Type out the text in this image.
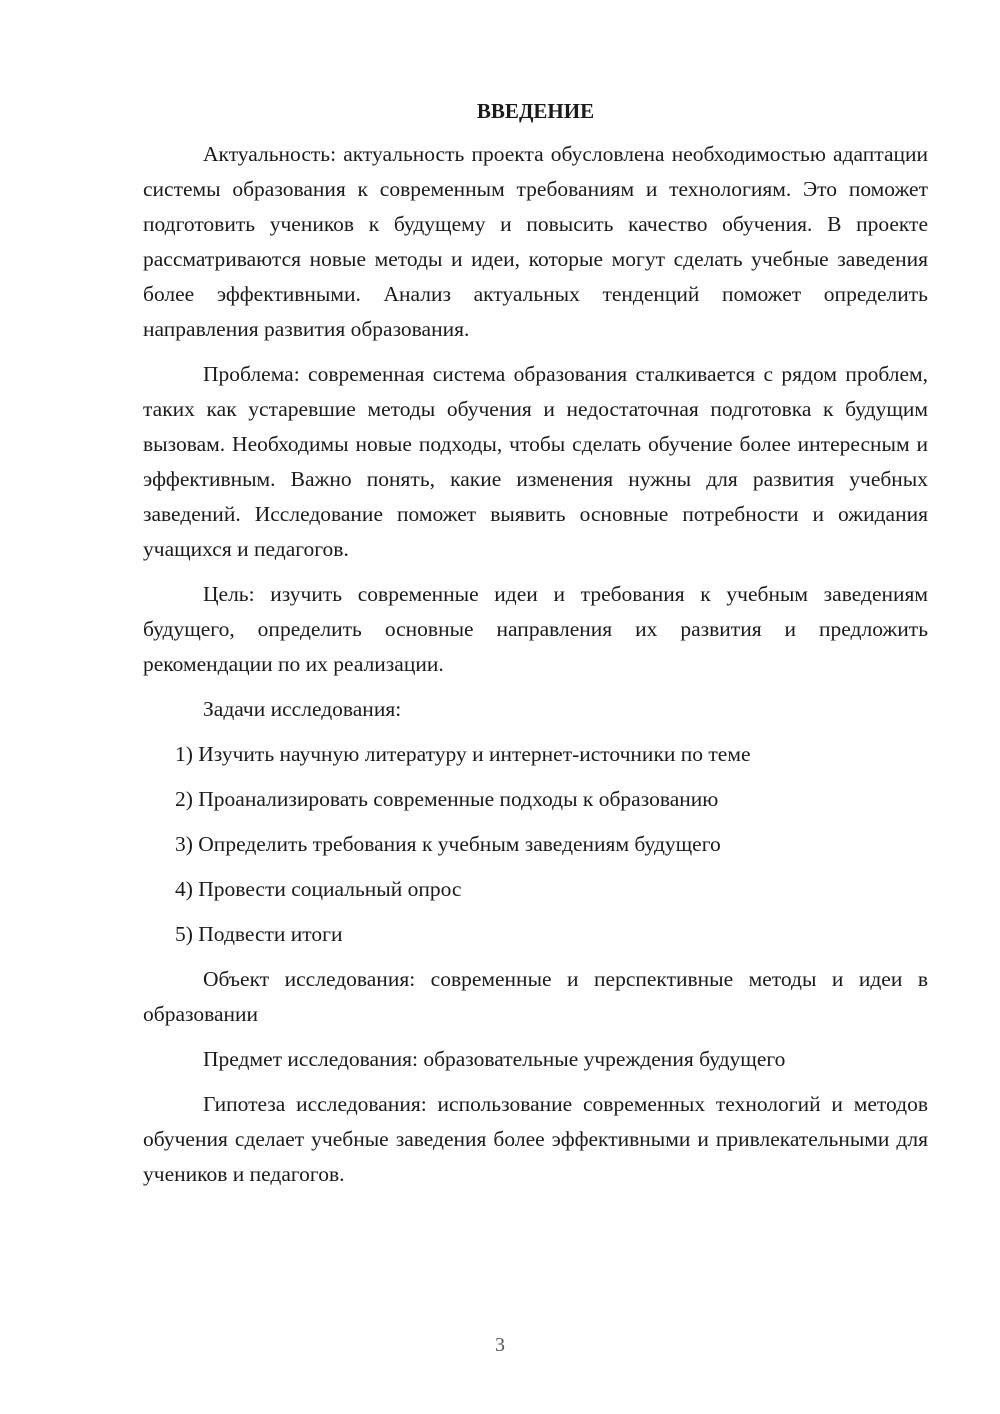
ВВЕДЕНИЕ

Актуальность: актуальность проекта обусловлена необходимостью адаптации системы образования к современным требованиям и технологиям. Это поможет подготовить учеников к будущему и повысить качество обучения. В проекте рассматриваются новые методы и идеи, которые могут сделать учебные заведения более эффективными. Анализ актуальных тенденций поможет определить направления развития образования.

Проблема: современная система образования сталкивается с рядом проблем, таких как устаревшие методы обучения и недостаточная подготовка к будущим вызовам. Необходимы новые подходы, чтобы сделать обучение более интересным и эффективным. Важно понять, какие изменения нужны для развития учебных заведений. Исследование поможет выявить основные потребности и ожидания учащихся и педагогов.

Цель: изучить современные идеи и требования к учебным заведениям будущего, определить основные направления их развития и предложить рекомендации по их реализации.

Задачи исследования:

1) Изучить научную литературу и интернет-источники по теме
2) Проанализировать современные подходы к образованию
3) Определить требования к учебным заведениям будущего
4) Провести социальный опрос
5) Подвести итоги

Объект исследования: современные и перспективные методы и идеи в образовании

Предмет исследования: образовательные учреждения будущего

Гипотеза исследования: использование современных технологий и методов обучения сделает учебные заведения более эффективными и привлекательными для учеников и педагогов.

3
